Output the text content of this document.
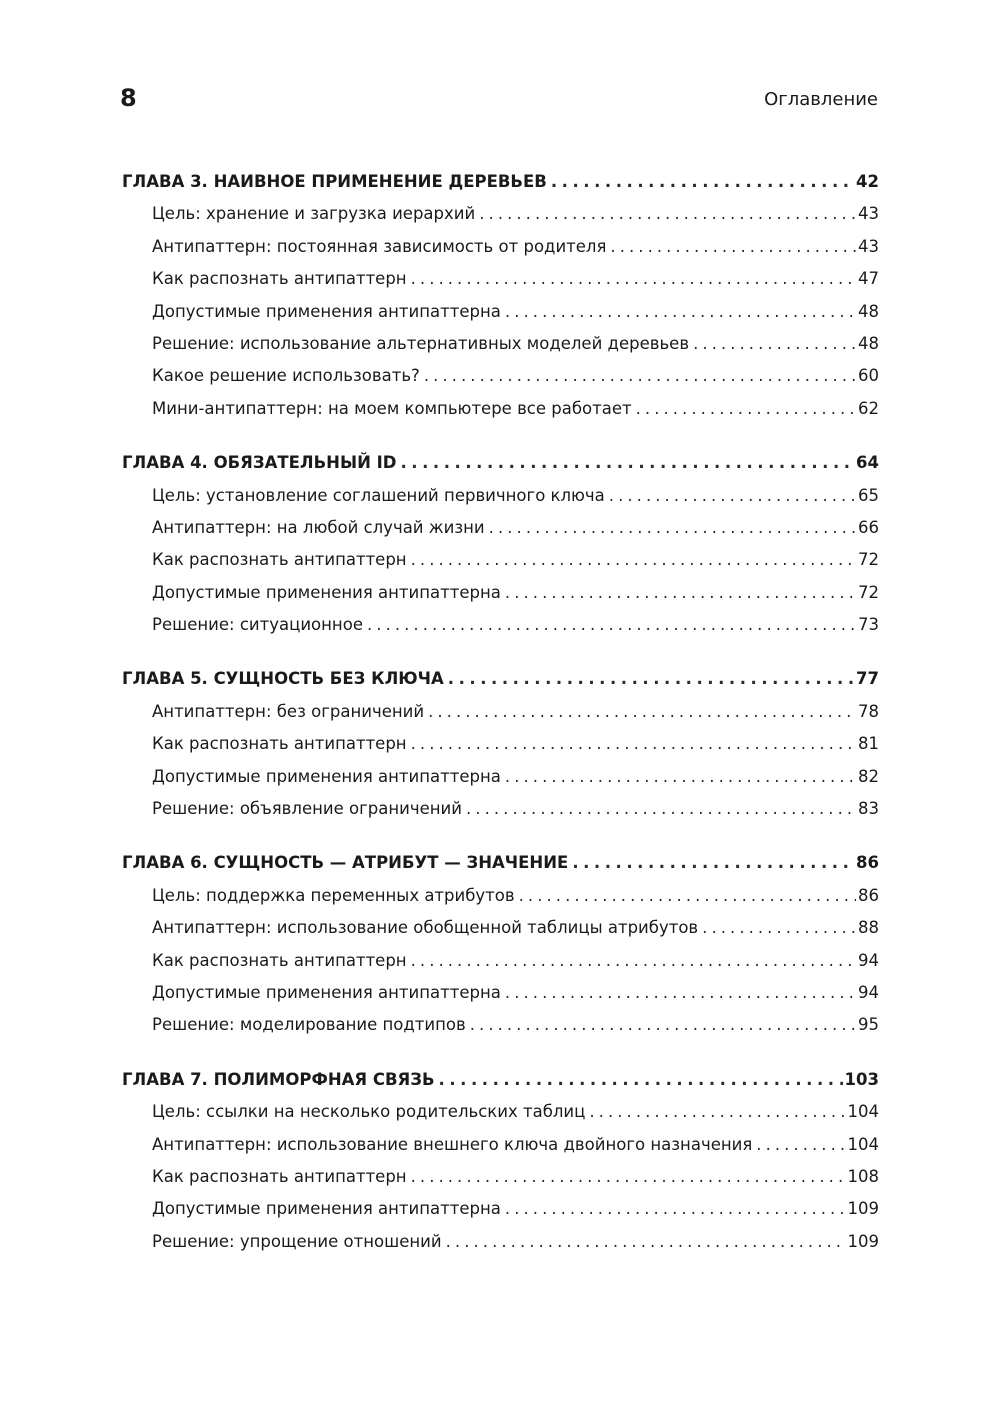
8	Оглавление
ГЛАВА 3. НАИВНОЕ ПРИМЕНЕНИЕ ДЕРЕВЬЕВ . . .	42
Цель: хранение и загрузка иерархий . . .	43
Антипаттерн: постоянная зависимость от родителя . . .	43
Как распознать антипаттерн . . .	47
Допустимые применения антипаттерна . . .	48
Решение: использование альтернативных моделей деревьев . . .	48
Какое решение использовать? . . .	60
Мини-антипаттерн: на моем компьютере все работает . . .	62
ГЛАВА 4. ОБЯЗАТЕЛЬНЫЙ ID . . .	64
Цель: установление соглашений первичного ключа . . .	65
Антипаттерн: на любой случай жизни . . .	66
Как распознать антипаттерн . . .	72
Допустимые применения антипаттерна . . .	72
Решение: ситуационное . . .	73
ГЛАВА 5. СУЩНОСТЬ БЕЗ КЛЮЧА . . .	77
Антипаттерн: без ограничений . . .	78
Как распознать антипаттерн . . .	81
Допустимые применения антипаттерна . . .	82
Решение: объявление ограничений . . .	83
ГЛАВА 6. СУЩНОСТЬ — АТРИБУТ — ЗНАЧЕНИЕ . . .	86
Цель: поддержка переменных атрибутов . . .	86
Антипаттерн: использование обобщенной таблицы атрибутов . . .	88
Как распознать антипаттерн . . .	94
Допустимые применения антипаттерна . . .	94
Решение: моделирование подтипов . . .	95
ГЛАВА 7. ПОЛИМОРФНАЯ СВЯЗЬ . . .	103
Цель: ссылки на несколько родительских таблиц . . .	104
Антипаттерн: использование внешнего ключа двойного назначения . . .	104
Как распознать антипаттерн . . .	108
Допустимые применения антипаттерна . . .	109
Решение: упрощение отношений . . .	109
